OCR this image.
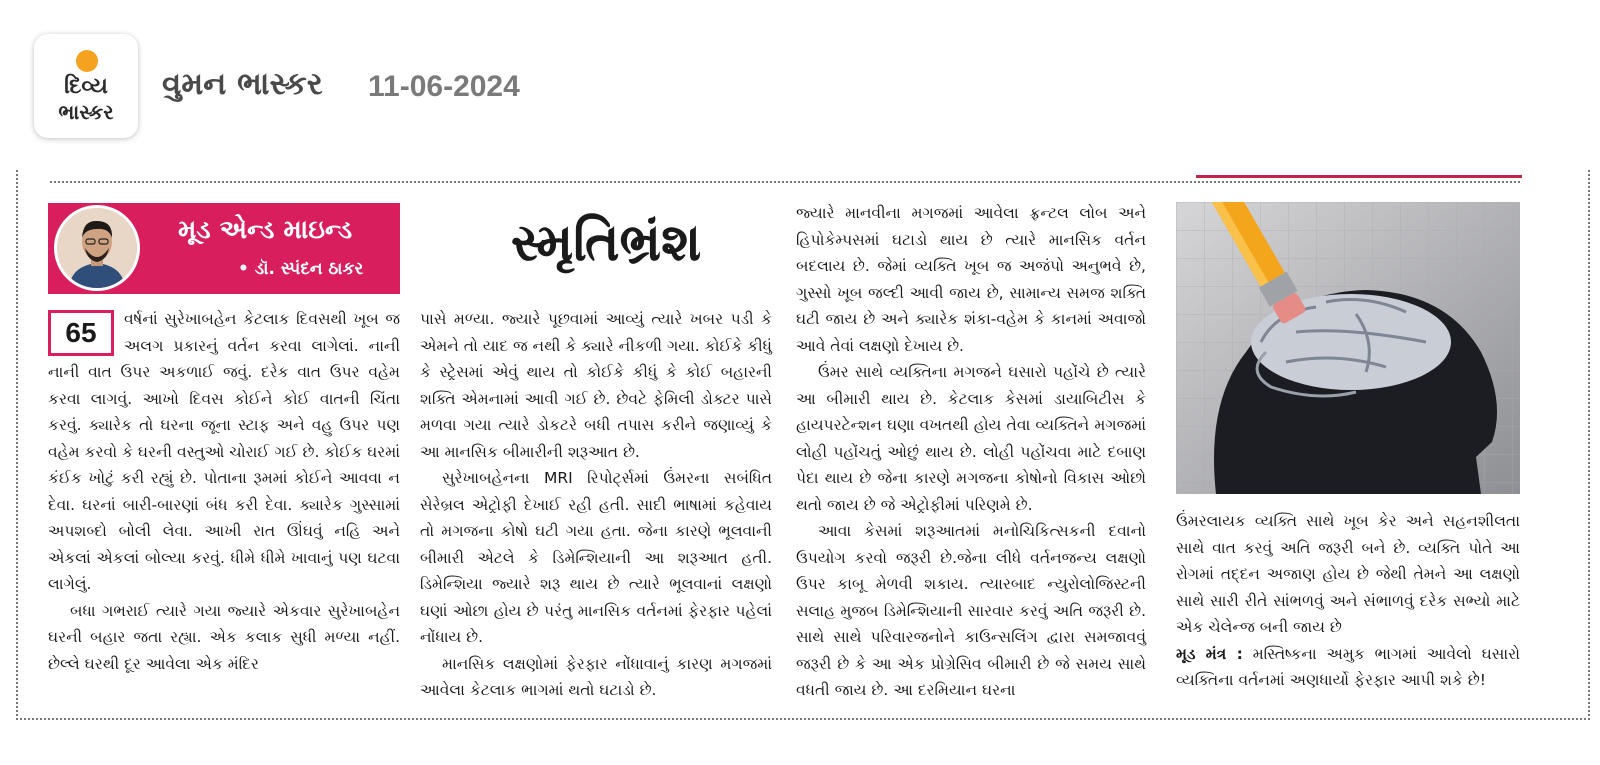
દિવ્ય
ભાસ્કર
વુમન ભાસ્કર 11-06-2024
મૂડ એન્ડ માઇન્ડ
• ડૉ. સ્પંદન ઠાકર	સ્મૃતિભ્રંશ

65	વર્ષનાં સુરેખાબહેન કેટલાક દિવસથી ખૂબ જ અલગ પ્રકારનું વર્તન કરવા લાગેલાં. નાની નાની વાત ઉપર અકળાઈ જવું. દરેક વાત ઉપર વહેમ કરવા લાગવું. આખો દિવસ કોઈને કોઈ વાતની ચિંતા કરવું. ક્યારેક તો ઘરના જૂના સ્ટાફ અને વહુ ઉપર પણ વહેમ કરવો કે ઘરની વસ્તુઓ ચોરાઈ ગઈ છે. કોઈક ઘરમાં કંઈક ખોટું કરી રહ્યું છે. પોતાના રૂમમાં કોઈને આવવા ન દેવા. ઘરનાં બારી-બારણાં બંધ કરી દેવા. ક્યારેક ગુસ્સામાં અપશબ્દો બોલી લેવા. આખી રાત ઊંઘવું નહિ અને એકલાં એકલાં બોલ્યા કરવું. ધીમે ધીમે ખાવાનું પણ ઘટવા લાગેલું.

બધા ગભરાઈ ત્યારે ગયા જ્યારે એકવાર સુરેખાબહેન ઘરની બહાર જતા રહ્યા. એક કલાક સુધી મળ્યા નહીં. છેલ્લે ઘરથી દૂર આવેલા એક મંદિર

પાસે મળ્યા. જ્યારે પૂછવામાં આવ્યું ત્યારે ખબર પડી કે એમને તો યાદ જ નથી કે ક્યારે નીકળી ગયા. કોઈકે કીધું કે સ્ટ્રેસમાં એવું થાય તો કોઈકે કીધું કે કોઈ બહારની શક્તિ એમનામાં આવી ગઈ છે. છેવટે ફેમિલી ડોક્ટર પાસે મળવા ગયા ત્યારે ડોકટરે બધી તપાસ કરીને જણાવ્યું કે આ માનસિક બીમારીની શરૂઆત છે.

સુરેખાબહેનના MRI રિપોર્ટ્સમાં ઉંમરના સબંધિત સેરેબ્રલ એટ્રોફી દેખાઈ રહી હતી. સાદી ભાષામાં કહેવાય તો મગજના કોષો ઘટી ગયા હતા. જેના કારણે ભૂલવાની બીમારી એટલે કે ડિમેન્શિયાની આ શરૂઆત હતી. ડિમેન્શિયા જ્યારે શરૂ થાય છે ત્યારે ભૂલવાનાં લક્ષણો ઘણાં ઓછા હોય છે પરંતુ માનસિક વર્તનમાં ફેરફાર પહેલાં નોંધાય છે.

માનસિક લક્ષણોમાં ફેરફાર નોંધાવાનું કારણ મગજમાં આવેલા કેટલાક ભાગમાં થતો ઘટાડો છે.

જ્યારે માનવીના મગજમાં આવેલા ફ્રન્ટલ લોબ અને હિપોકેમ્પસમાં ઘટાડો થાય છે ત્યારે માનસિક વર્તન બદલાય છે. જેમાં વ્યક્તિ ખૂબ જ અજંપો અનુભવે છે, ગુસ્સો ખૂબ જલ્દી આવી જાય છે, સામાન્ય સમજ શક્તિ ઘટી જાય છે અને ક્યારેક શંકા-વહેમ કે કાનમાં અવાજો આવે તેવાં લક્ષણો દેખાય છે.

ઉંમર સાથે વ્યક્તિના મગજને ઘસારો પહોંચે છે ત્યારે આ બીમારી થાય છે. કેટલાક કેસમાં ડાયાબિટીસ કે હાયપરટેન્શન ઘણા વખતથી હોય તેવા વ્યક્તિને મગજમાં લોહી પહોંચતું ઓછું થાય છે. લોહી પહોંચવા માટે દબાણ પેદા થાય છે જેના કારણે મગજના કોષોનો વિકાસ ઓછો થતો જાય છે જે એટ્રોફીમાં પરિણમે છે.

આવા કેસમાં શરૂઆતમાં મનોચિકિત્સકની દવાનો ઉપયોગ કરવો જરૂરી છે.જેના લીધે વર્તનજન્ય લક્ષણો ઉપર કાબૂ મેળવી શકાય. ત્યારબાદ ન્યુરોલોજિસ્ટની સલાહ મુજબ ડિમેન્શિયાની સારવાર કરવું અતિ જરૂરી છે. સાથે સાથે પરિવારજનોને કાઉન્સલિંગ દ્વારા સમજાવવું જરૂરી છે કે આ એક પ્રોગ્રેસિવ બીમારી છે જે સમય સાથે વધતી જાય છે. આ દરમિયાન ઘરના

ઉંમરલાયક વ્યક્તિ સાથે ખૂબ કેર અને સહનશીલતા સાથે વાત કરવું અતિ જરૂરી બને છે. વ્યક્તિ પોતે આ રોગમાં તદ્દન અજાણ હોય છે જેથી તેમને આ લક્ષણો સાથે સારી રીતે સાંભળવું અને સંભાળવું દરેક સભ્યો માટે એક ચેલેન્જ બની જાય છે

મૂડ મંત્ર : મસ્તિષ્કના અમુક ભાગમાં આવેલો ઘસારો વ્યક્તિના વર્તનમાં અણધાર્યો ફેરફાર આપી શકે છે!
